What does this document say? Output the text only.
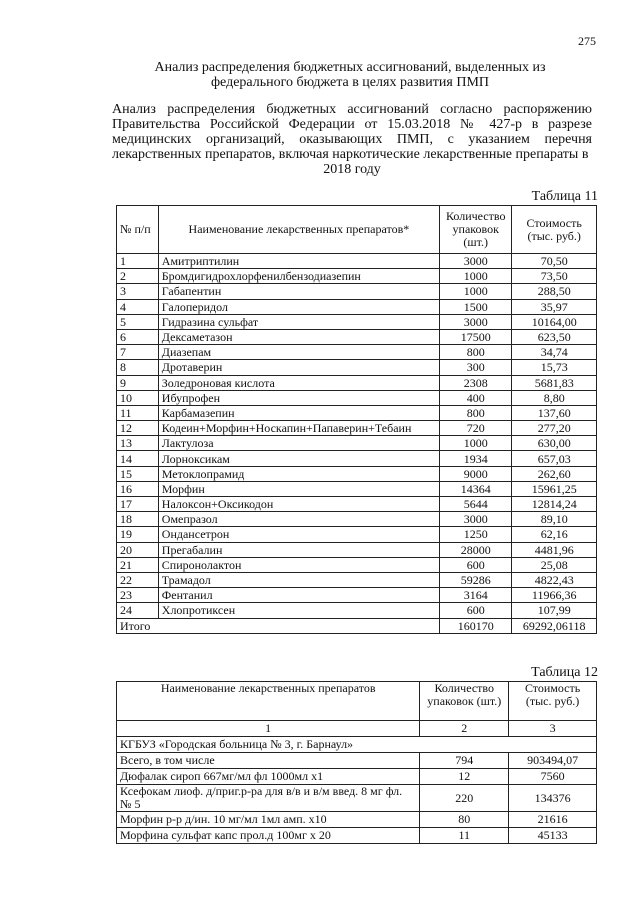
275
Анализ распределения бюджетных ассигнований, выделенных из федерального бюджета в целях развития ПМП
Анализ распределения бюджетных ассигнований согласно распоряжению Правительства Российской Федерации от 15.03.2018 № 427-р в разрезе медицинских организаций, оказывающих ПМП, с указанием перечня лекарственных препаратов, включая наркотические лекарственные препараты в
2018 году
Таблица 11
№ п/п	Наименование лекарственных препаратов*	Количество упаковок (шт.)	Стоимость (тыс. руб.)
1	Амитриптилин	3000	70,50
2	Бромдигидрохлорфенилбензодиазепин	1000	73,50
3	Габапентин	1000	288,50
4	Галоперидол	1500	35,97
5	Гидразина сульфат	3000	10164,00
6	Дексаметазон	17500	623,50
7	Диазепам	800	34,74
8	Дротаверин	300	15,73
9	Золедроновая кислота	2308	5681,83
10	Ибупрофен	400	8,80
11	Карбамазепин	800	137,60
12	Кодеин+Морфин+Носкапин+Папаверин+Тебаин	720	277,20
13	Лактулоза	1000	630,00
14	Лорноксикам	1934	657,03
15	Метоклопрамид	9000	262,60
16	Морфин	14364	15961,25
17	Налоксон+Оксикодон	5644	12814,24
18	Омепразол	3000	89,10
19	Ондансетрон	1250	62,16
20	Прегабалин	28000	4481,96
21	Спиронолактон	600	25,08
22	Трамадол	59286	4822,43
23	Фентанил	3164	11966,36
24	Хлопротиксен	600	107,99
Итого		160170	69292,06118
Таблица 12
Наименование лекарственных препаратов	Количество упаковок (шт.)	Стоимость (тыс. руб.)
1	2	3
КГБУЗ «Городская больница № 3, г. Барнаул»		
Всего, в том числе	794	903494,07
Дюфалак сироп 667мг/мл фл 1000мл x1	12	7560
Ксефокам лиоф. д/приг.р-ра для в/в и в/м введ. 8 мг фл. № 5	220	134376
Морфин р-р д/ин. 10 мг/мл 1мл амп. x10	80	21616
Морфина сульфат капс прол.д 100мг x 20	11	45133
